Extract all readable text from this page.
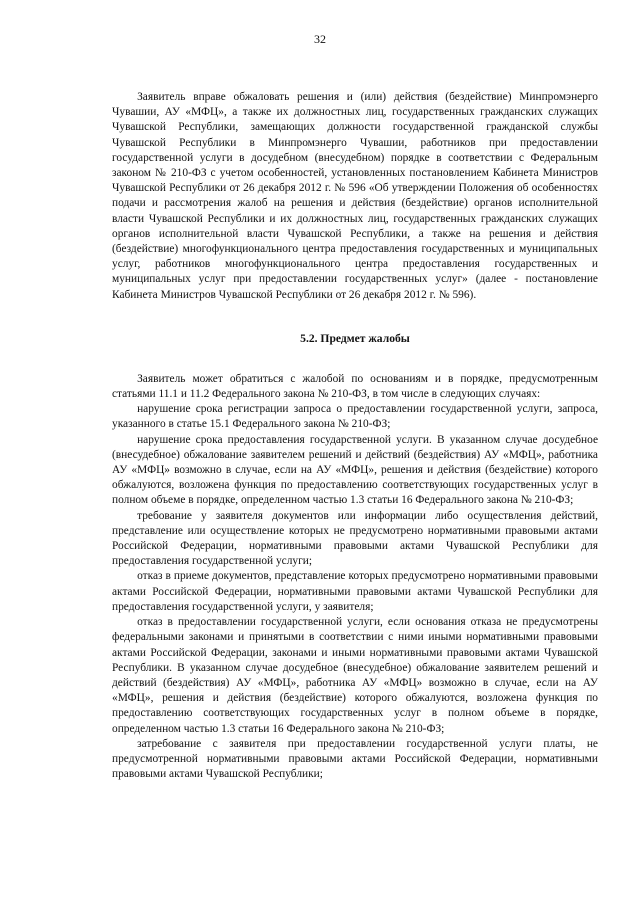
32

Заявитель вправе обжаловать решения и (или) действия (бездействие) Минпромэнерго Чувашии, АУ «МФЦ», а также их должностных лиц, государственных гражданских служащих Чувашской Республики, замещающих должности государственной гражданской службы Чувашской Республики в Минпромэнерго Чувашии, работников при предоставлении государственной услуги в досудебном (внесудебном) порядке в соответствии с Федеральным законом № 210-ФЗ с учетом особенностей, установленных постановлением Кабинета Министров Чувашской Республики от 26 декабря 2012 г. № 596 «Об утверждении Положения об особенностях подачи и рассмотрения жалоб на решения и действия (бездействие) органов исполнительной власти Чувашской Республики и их должностных лиц, государственных гражданских служащих органов исполнительной власти Чувашской Республики, а также на решения и действия (бездействие) многофункционального центра предоставления государственных и муниципальных услуг, работников многофункционального центра предоставления государственных и муниципальных услуг при предоставлении государственных услуг» (далее - постановление Кабинета Министров Чувашской Республики от 26 декабря 2012 г. № 596).

5.2. Предмет жалобы

Заявитель может обратиться с жалобой по основаниям и в порядке, предусмотренным статьями 11.1 и 11.2 Федерального закона № 210-ФЗ, в том числе в следующих случаях:

нарушение срока регистрации запроса о предоставлении государственной услуги, запроса, указанного в статье 15.1 Федерального закона № 210-ФЗ;

нарушение срока предоставления государственной услуги. В указанном случае досудебное (внесудебное) обжалование заявителем решений и действий (бездействия) АУ «МФЦ», работника АУ «МФЦ» возможно в случае, если на АУ «МФЦ», решения и действия (бездействие) которого обжалуются, возложена функция по предоставлению соответствующих государственных услуг в полном объеме в порядке, определенном частью 1.3 статьи 16 Федерального закона № 210-ФЗ;

требование у заявителя документов или информации либо осуществления действий, представление или осуществление которых не предусмотрено нормативными правовыми актами Российской Федерации, нормативными правовыми актами Чувашской Республики для предоставления государственной услуги;

отказ в приеме документов, представление которых предусмотрено нормативными правовыми актами Российской Федерации, нормативными правовыми актами Чувашской Республики для предоставления государственной услуги, у заявителя;

отказ в предоставлении государственной услуги, если основания отказа не предусмотрены федеральными законами и принятыми в соответствии с ними иными нормативными правовыми актами Российской Федерации, законами и иными нормативными правовыми актами Чувашской Республики. В указанном случае досудебное (внесудебное) обжалование заявителем решений и действий (бездействия) АУ «МФЦ», работника АУ «МФЦ» возможно в случае, если на АУ «МФЦ», решения и действия (бездействие) которого обжалуются, возложена функция по предоставлению соответствующих государственных услуг в полном объеме в порядке, определенном частью 1.3 статьи 16 Федерального закона № 210-ФЗ;

затребование с заявителя при предоставлении государственной услуги платы, не предусмотренной нормативными правовыми актами Российской Федерации, нормативными правовыми актами Чувашской Республики;
